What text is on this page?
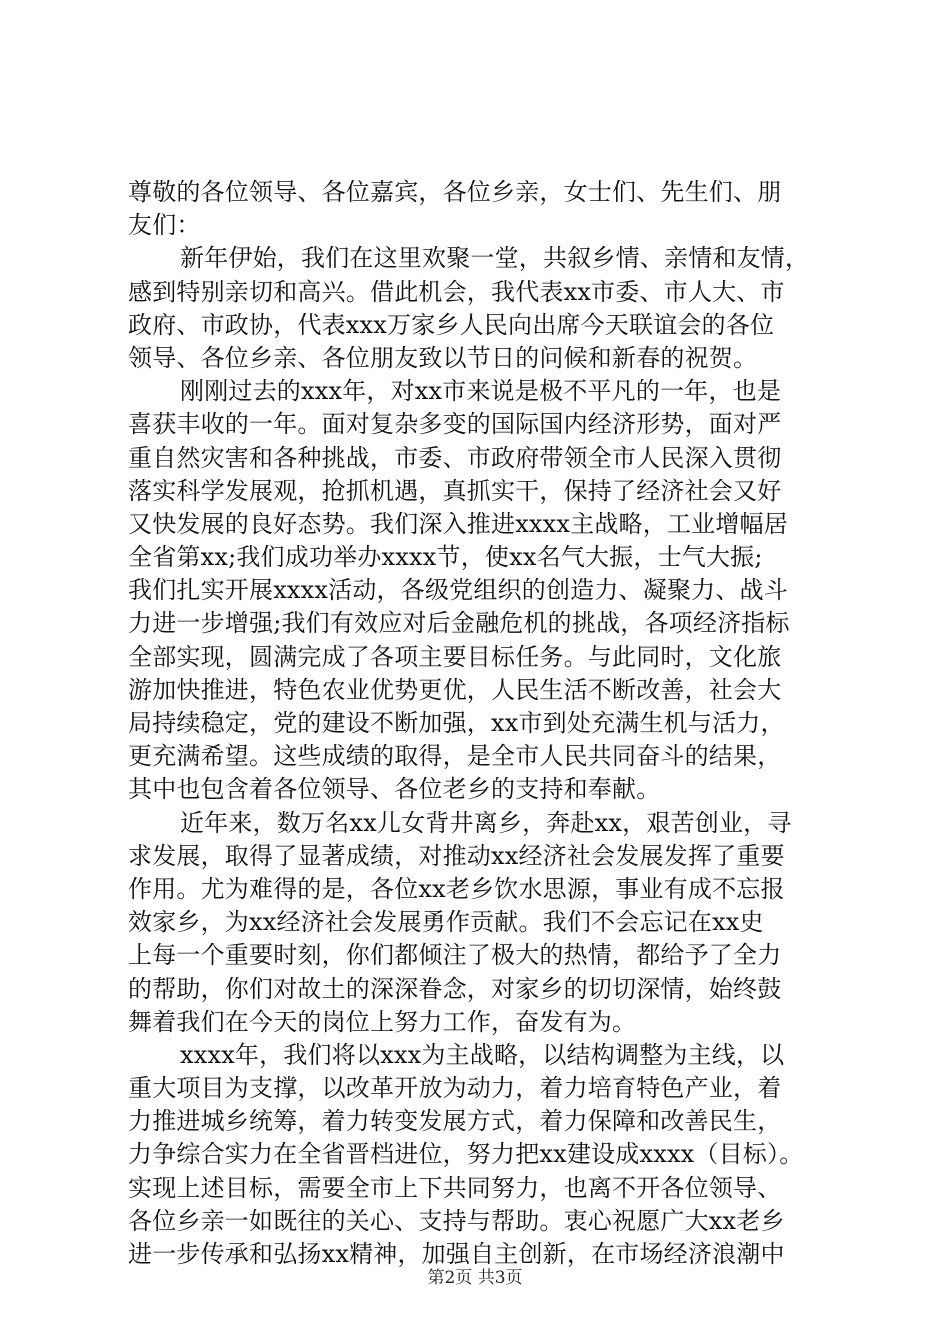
尊敬的各位领导、各位嘉宾，各位乡亲，女士们、先生们、朋
友们：
新年伊始，我们在这里欢聚一堂，共叙乡情、亲情和友情，
感到特别亲切和高兴。借此机会，我代表xx市委、市人大、市
政府、市政协，代表xxx万家乡人民向出席今天联谊会的各位
领导、各位乡亲、各位朋友致以节日的问候和新春的祝贺。
刚刚过去的xxx年，对xx市来说是极不平凡的一年，也是
喜获丰收的一年。面对复杂多变的国际国内经济形势，面对严
重自然灾害和各种挑战，市委、市政府带领全市人民深入贯彻
落实科学发展观，抢抓机遇，真抓实干，保持了经济社会又好
又快发展的良好态势。我们深入推进xxxx主战略，工业增幅居
全省第xx;我们成功举办xxxx节，使xx名气大振，士气大振;
我们扎实开展xxxx活动，各级党组织的创造力、凝聚力、战斗
力进一步增强;我们有效应对后金融危机的挑战，各项经济指标
全部实现，圆满完成了各项主要目标任务。与此同时，文化旅
游加快推进，特色农业优势更优，人民生活不断改善，社会大
局持续稳定，党的建设不断加强，xx市到处充满生机与活力，
更充满希望。这些成绩的取得，是全市人民共同奋斗的结果，
其中也包含着各位领导、各位老乡的支持和奉献。
近年来，数万名xx儿女背井离乡，奔赴xx，艰苦创业，寻
求发展，取得了显著成绩，对推动xx经济社会发展发挥了重要
作用。尤为难得的是，各位xx老乡饮水思源，事业有成不忘报
效家乡，为xx经济社会发展勇作贡献。我们不会忘记在xx史
上每一个重要时刻，你们都倾注了极大的热情，都给予了全力
的帮助，你们对故土的深深眷念，对家乡的切切深情，始终鼓
舞着我们在今天的岗位上努力工作，奋发有为。
xxxx年，我们将以xxx为主战略，以结构调整为主线，以
重大项目为支撑，以改革开放为动力，着力培育特色产业，着
力推进城乡统筹，着力转变发展方式，着力保障和改善民生，
力争综合实力在全省晋档进位，努力把xx建设成xxxx（目标）。
实现上述目标，需要全市上下共同努力，也离不开各位领导、
各位乡亲一如既往的关心、支持与帮助。衷心祝愿广大xx老乡
进一步传承和弘扬xx精神，加强自主创新，在市场经济浪潮中
第2页 共3页
